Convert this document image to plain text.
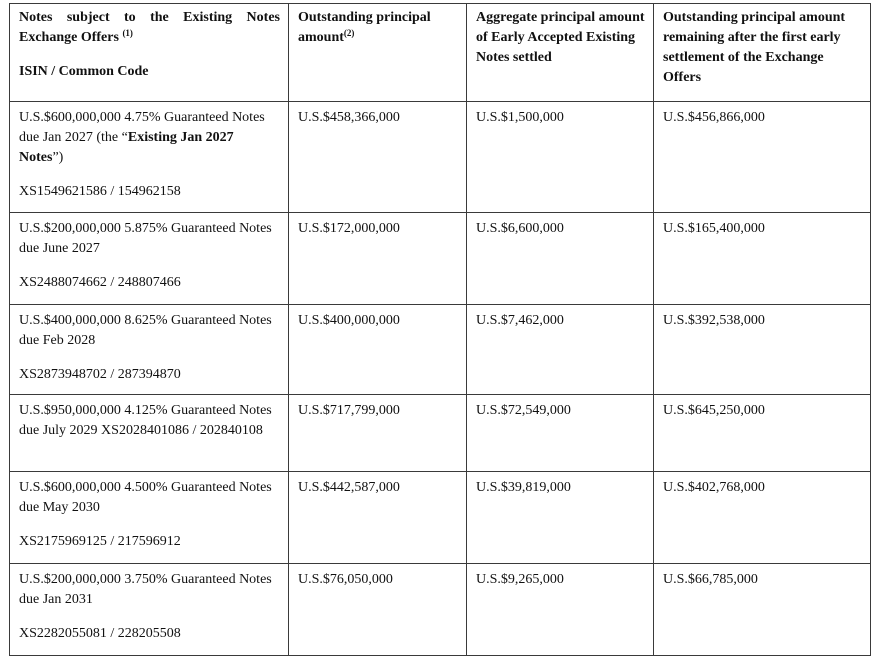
Notes subject to the Existing Notes Exchange Offers $^{(1)}$
ISIN / Common Code	Outstanding principal amount$^{(2)}$	Aggregate principal amount of Early Accepted Existing Notes settled	Outstanding principal amount remaining after the first early settlement of the Exchange Offers

U.S.$600,000,000 4.75% Guaranteed Notes due Jan 2027 (the “Existing Jan 2027 Notes”)
XS1549621586 / 154962158	U.S.$458,366,000	U.S.$1,500,000	U.S.$456,866,000

U.S.$200,000,000 5.875% Guaranteed Notes due June 2027
XS2488074662 / 248807466	U.S.$172,000,000	U.S.$6,600,000	U.S.$165,400,000

U.S.$400,000,000 8.625% Guaranteed Notes due Feb 2028
XS2873948702 / 287394870	U.S.$400,000,000	U.S.$7,462,000	U.S.$392,538,000

U.S.$950,000,000 4.125% Guaranteed Notes due July 2029 XS2028401086 / 202840108	U.S.$717,799,000	U.S.$72,549,000	U.S.$645,250,000

U.S.$600,000,000 4.500% Guaranteed Notes due May 2030
XS2175969125 / 217596912	U.S.$442,587,000	U.S.$39,819,000	U.S.$402,768,000

U.S.$200,000,000 3.750% Guaranteed Notes due Jan 2031
XS2282055081 / 228205508	U.S.$76,050,000	U.S.$9,265,000	U.S.$66,785,000
